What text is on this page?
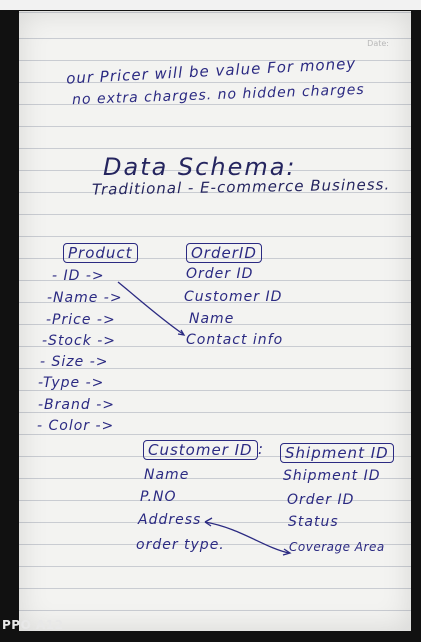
Date:
our Pricer will be value For money
no extra charges. no hidden charges
Data Schema:
Traditional - E-commerce Business.
Product
- ID ->
-Name ->
-Price ->
-Stock ->
- Size ->
-Type ->
-Brand ->
- Color ->
OrderID
Order ID
Customer ID
Name
Contact info
Customer ID :
Name
P.NO
Address
order type.
Shipment ID
Shipment ID
Order ID
Status
Coverage Area
PPO A12
